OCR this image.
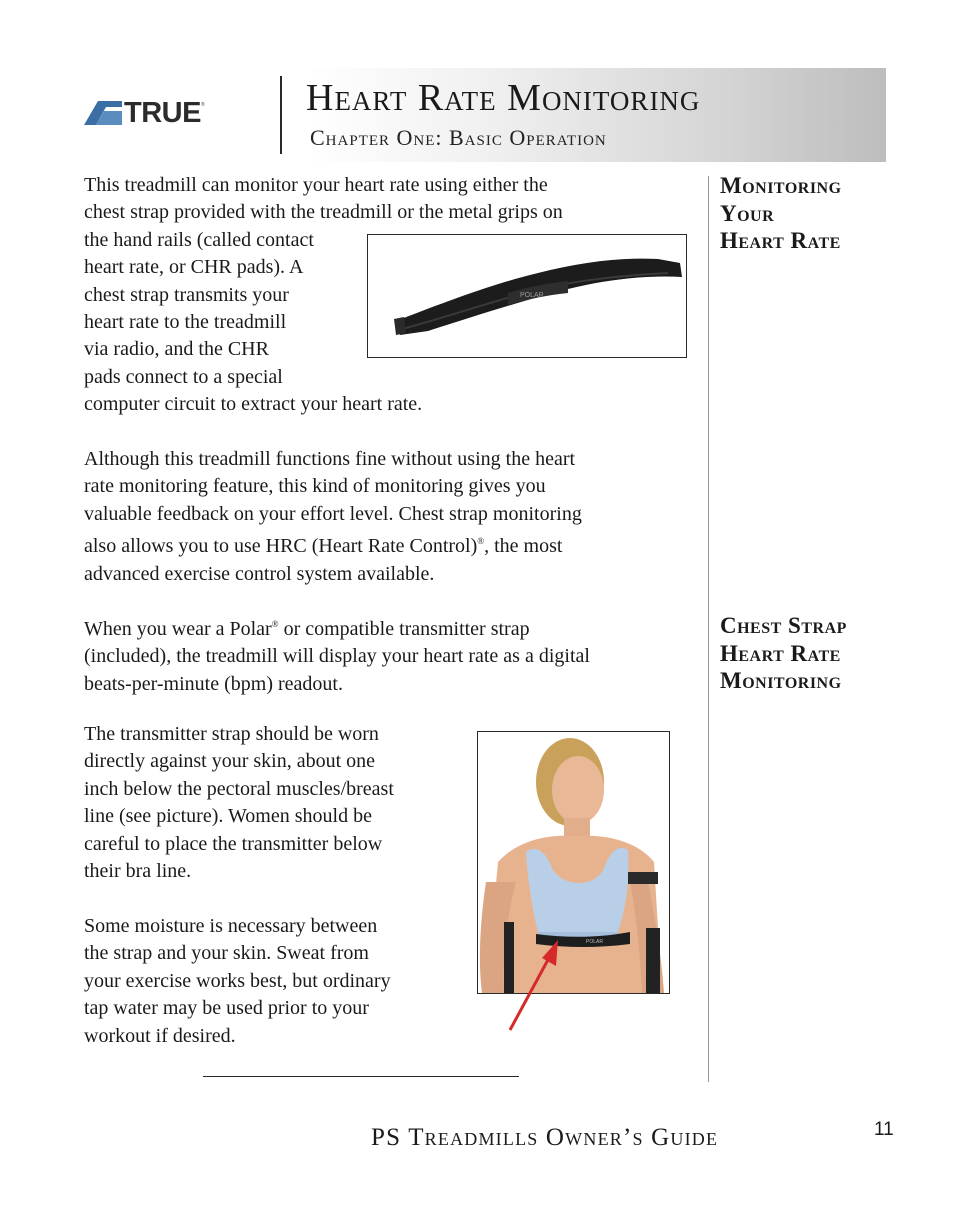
TRUE ®	Heart Rate Monitoring
Chapter One: Basic Operation
This treadmill can monitor your heart rate using either the
chest strap provided with the treadmill or the metal grips on
the hand rails (called contact
heart rate, or CHR pads). A
chest strap transmits your
heart rate to the treadmill
via radio, and the CHR
pads connect to a special
computer circuit to extract your heart rate.
POLAR
Although this treadmill functions fine without using the heart
rate monitoring feature, this kind of monitoring gives you
valuable feedback on your effort level. Chest strap monitoring
also allows you to use HRC (Heart Rate Control)®, the most
advanced exercise control system available.
When you wear a Polar® or compatible transmitter strap
(included), the treadmill will display your heart rate as a digital
beats-per-minute (bpm) readout.
The transmitter strap should be worn
directly against your skin, about one
inch below the pectoral muscles/breast
line (see picture). Women should be
careful to place the transmitter below
their bra line.
Some moisture is necessary between
the strap and your skin. Sweat from
your exercise works best, but ordinary
tap water may be used prior to your
workout if desired.
POLAR
Monitoring
Your
Heart Rate
Chest Strap
Heart Rate
Monitoring
PS Treadmills Owner’s Guide	11
